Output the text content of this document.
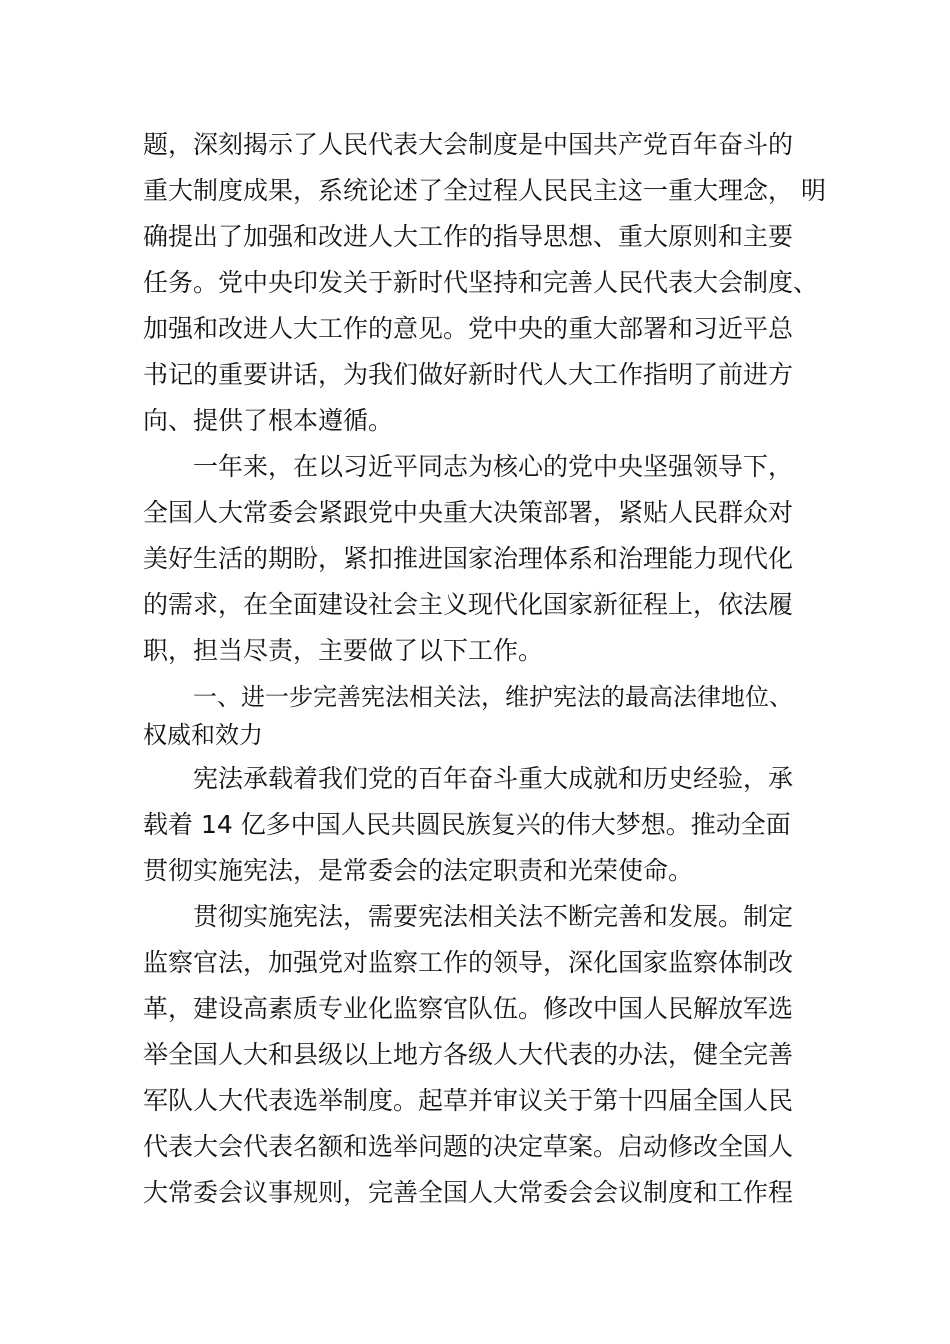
题，深刻揭示了人民代表大会制度是中国共产党百年奋斗的
重大制度成果，系统论述了全过程人民民主这一重大理念， 明
确提出了加强和改进人大工作的指导思想、重大原则和主要
任务。党中央印发关于新时代坚持和完善人民代表大会制度、
加强和改进人大工作的意见。党中央的重大部署和习近平总
书记的重要讲话，为我们做好新时代人大工作指明了前进方
向、提供了根本遵循。
一年来，在以习近平同志为核心的党中央坚强领导下，
全国人大常委会紧跟党中央重大决策部署，紧贴人民群众对
美好生活的期盼，紧扣推进国家治理体系和治理能力现代化
的需求，在全面建设社会主义现代化国家新征程上，依法履
职，担当尽责，主要做了以下工作。
一、进一步完善宪法相关法，维护宪法的最高法律地位、
权威和效力
宪法承载着我们党的百年奋斗重大成就和历史经验，承
载着 14 亿多中国人民共圆民族复兴的伟大梦想。推动全面
贯彻实施宪法，是常委会的法定职责和光荣使命。
贯彻实施宪法，需要宪法相关法不断完善和发展。制定
监察官法，加强党对监察工作的领导，深化国家监察体制改
革，建设高素质专业化监察官队伍。修改中国人民解放军选
举全国人大和县级以上地方各级人大代表的办法，健全完善
军队人大代表选举制度。起草并审议关于第十四届全国人民
代表大会代表名额和选举问题的决定草案。启动修改全国人
大常委会议事规则，完善全国人大常委会会议制度和工作程
